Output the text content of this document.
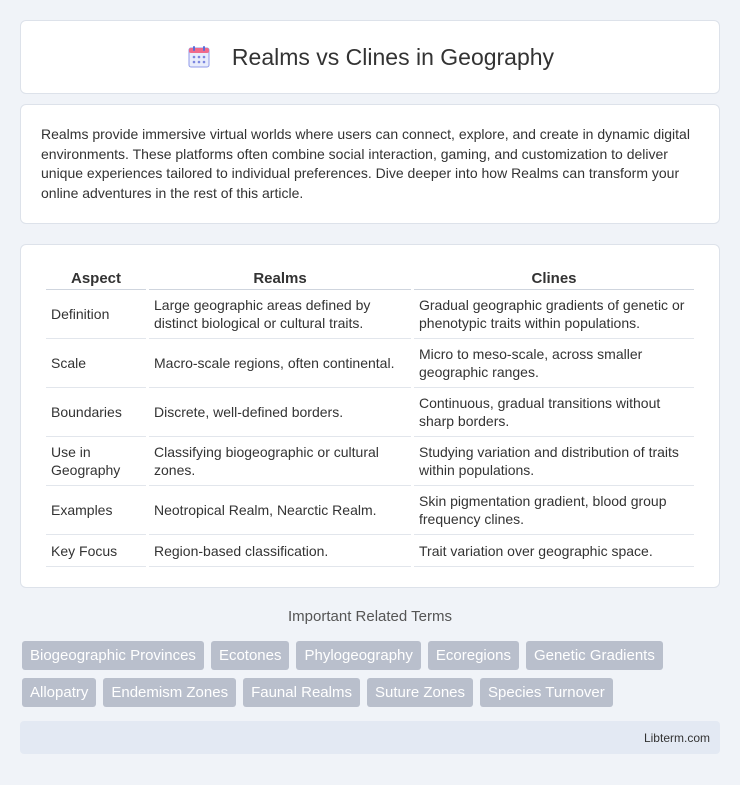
Realms vs Clines in Geography

Realms provide immersive virtual worlds where users can connect, explore, and create in dynamic digital environments. These platforms often combine social interaction, gaming, and customization to deliver unique experiences tailored to individual preferences. Dive deeper into how Realms can transform your online adventures in the rest of this article.

Aspect	Realms	Clines
Definition	Large geographic areas defined by distinct biological or cultural traits.	Gradual geographic gradients of genetic or phenotypic traits within populations.
Scale	Macro-scale regions, often continental.	Micro to meso-scale, across smaller geographic ranges.
Boundaries	Discrete, well-defined borders.	Continuous, gradual transitions without sharp borders.
Use in Geography	Classifying biogeographic or cultural zones.	Studying variation and distribution of traits within populations.
Examples	Neotropical Realm, Nearctic Realm.	Skin pigmentation gradient, blood group frequency clines.
Key Focus	Region-based classification.	Trait variation over geographic space.
Important Related Terms
Biogeographic Provinces	Ecotones	Phylogeography	Ecoregions	Genetic Gradients
Allopatry	Endemism Zones	Faunal Realms	Suture Zones	Species Turnover
Libterm.com
